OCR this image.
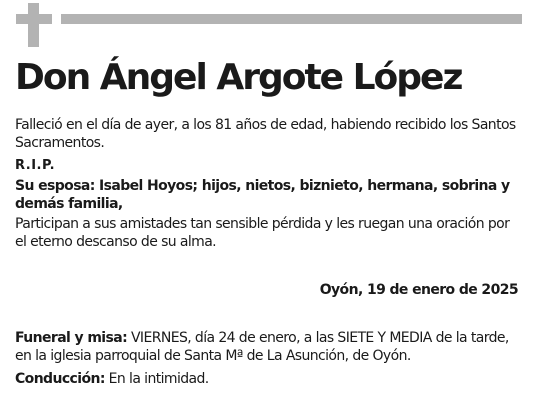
Don Ángel Argote López

Falleció en el día de ayer, a los 81 años de edad, habiendo recibido los Santos Sacramentos.

R.I.P.

Su esposa: Isabel Hoyos; hijos, nietos, biznieto, hermana, sobrina y demás familia,

Participan a sus amistades tan sensible pérdida y les ruegan una oración por el eterno descanso de su alma.

Oyón, 19 de enero de 2025

Funeral y misa: VIERNES, día 24 de enero, a las SIETE Y MEDIA de la tarde, en la iglesia parroquial de Santa Mª de La Asunción, de Oyón.

Conducción: En la intimidad.
